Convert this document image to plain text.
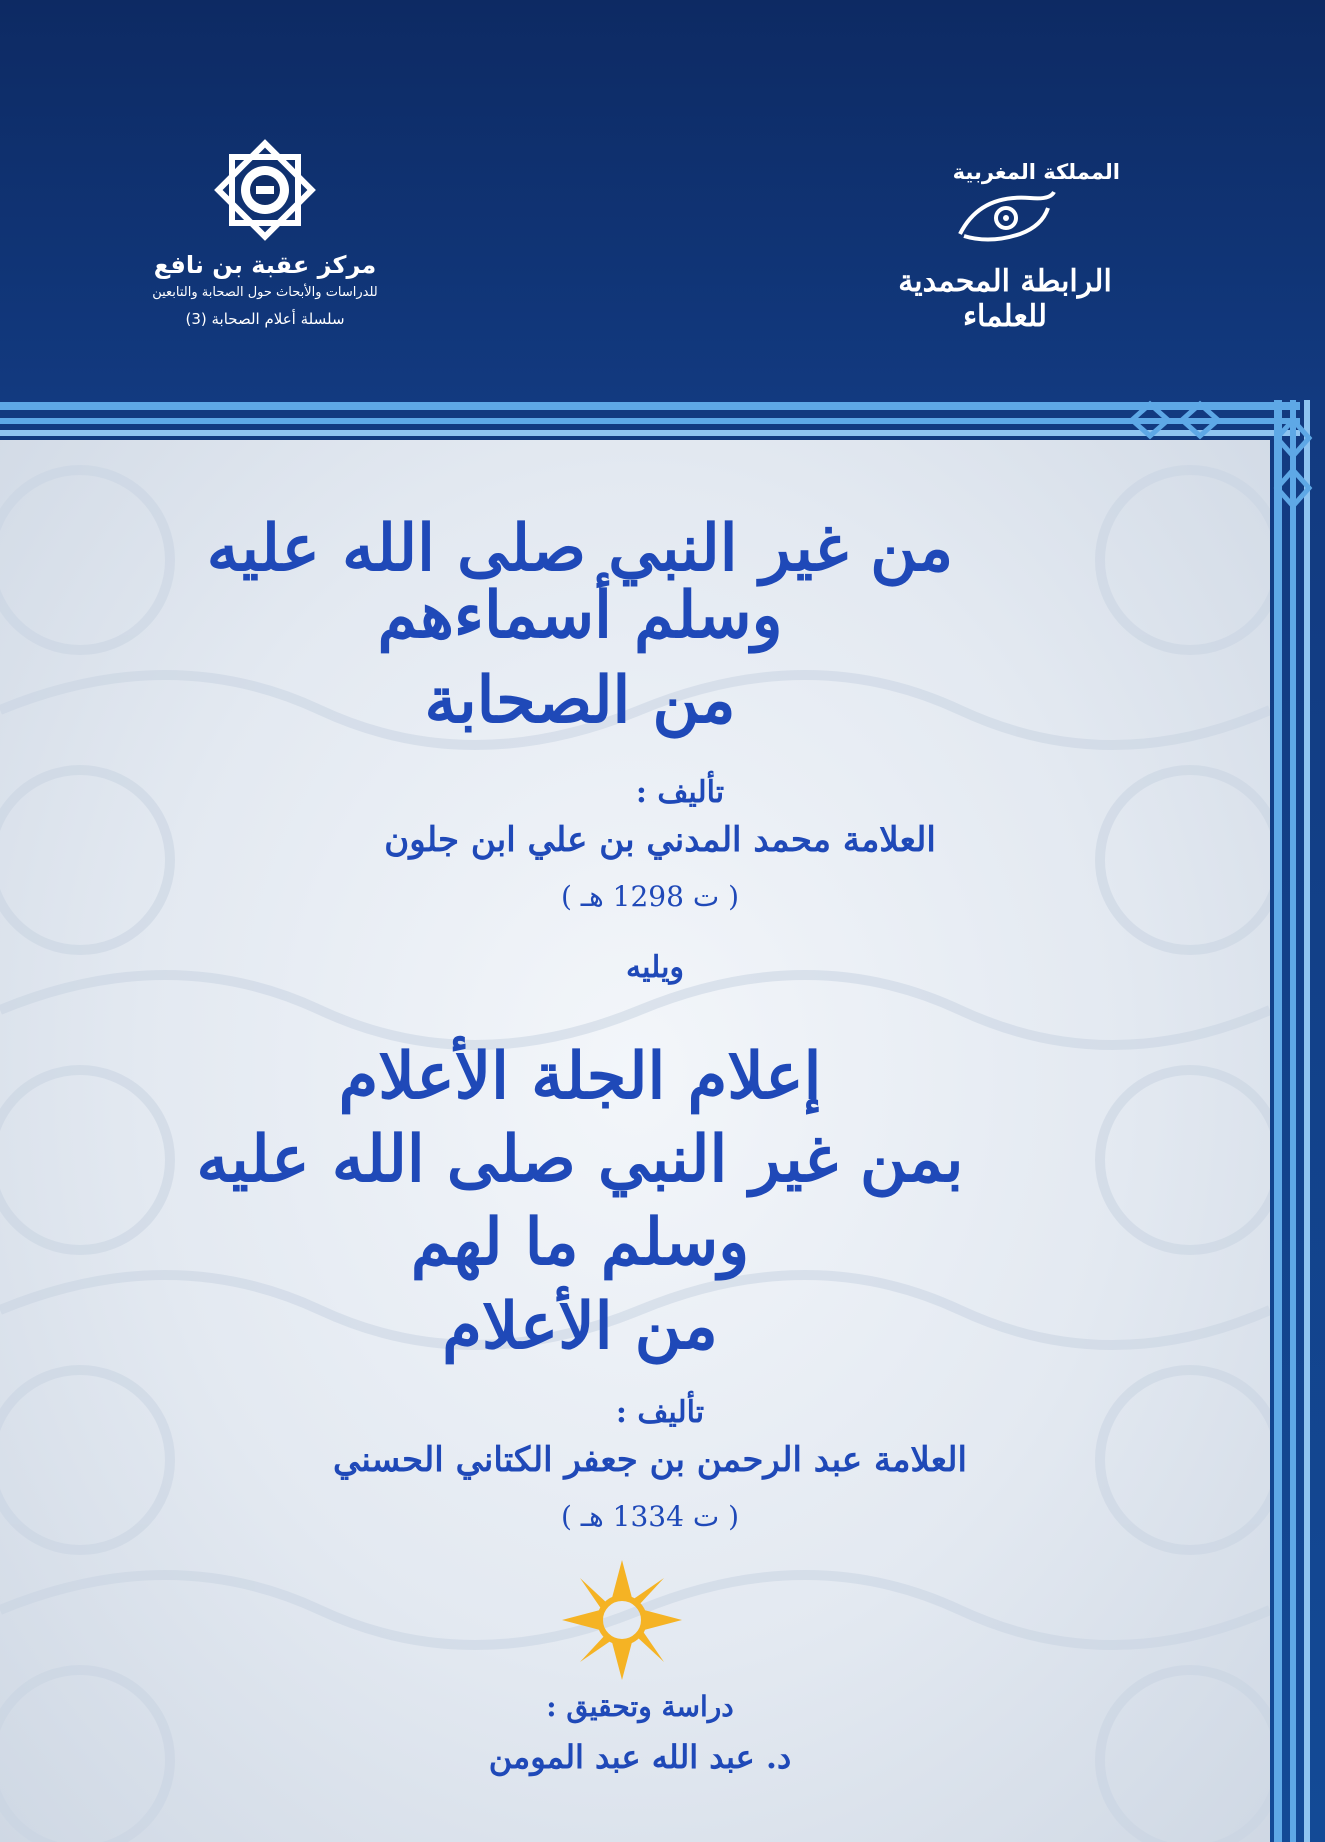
مركز عقبة بن نافع
للدراسات والأبحاث حول الصحابة والتابعين
سلسلة أعلام الصحابة (3)
المملكة المغربية
الرابطة المحمدية للعلماء
من غير النبي صلى الله عليه وسلم أسماءهم
من الصحابة
تأليف :
العلامة محمد المدني بن علي ابن جلون
( ت 1298 هـ )
ويليه
إعلام الجلة الأعلام
بمن غير النبي صلى الله عليه وسلم ما لهم
من الأعلام
تأليف :
العلامة عبد الرحمن بن جعفر الكتاني الحسني
( ت 1334 هـ )
دراسة وتحقيق :
د. عبد الله عبد المومن
